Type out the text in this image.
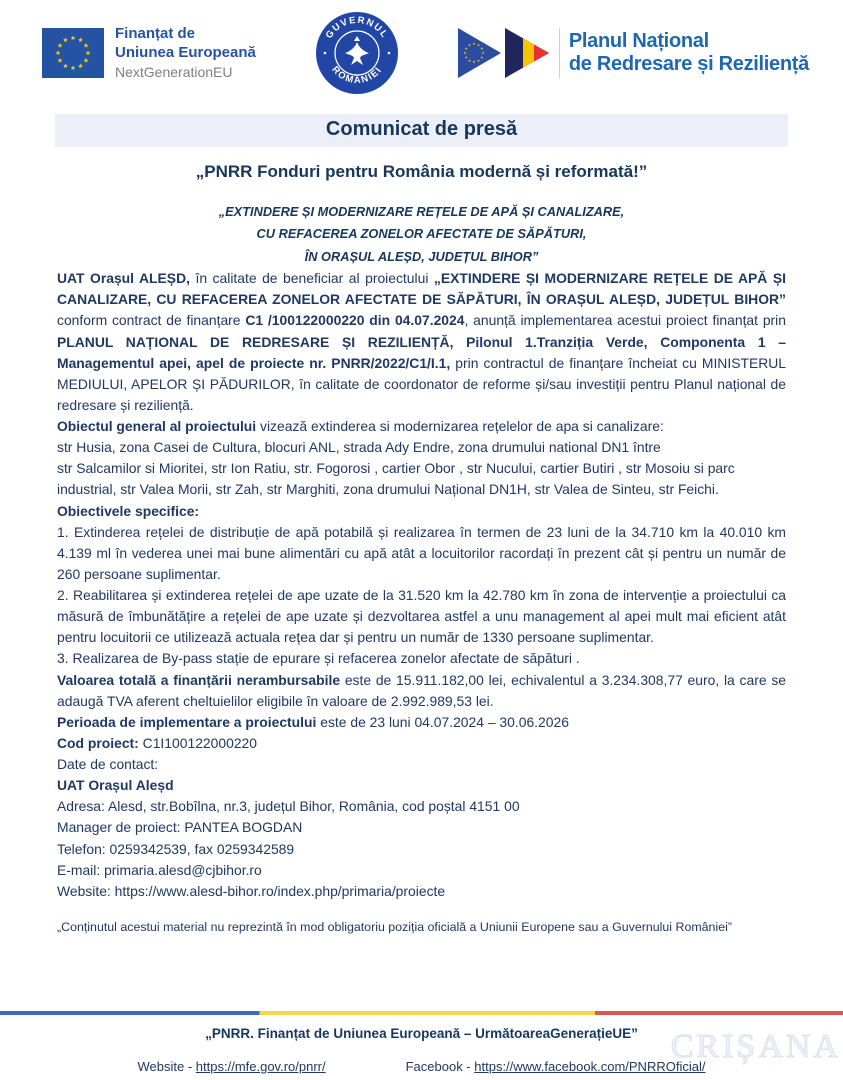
Finanțat de
Uniunea Europeană
NextGenerationEU
GUVERNUL
ROMÂNIEI
Planul Național
de Redresare și Reziliență
Comunicat de presă
„PNRR Fonduri pentru România modernă și reformată!”
„EXTINDERE ȘI MODERNIZARE REȚELE DE APĂ ȘI CANALIZARE,
CU REFACEREA ZONELOR AFECTATE DE SĂPĂTURI,
ÎN ORAȘUL ALEȘD, JUDEȚUL BIHOR”

UAT Orașul ALEȘD, în calitate de beneficiar al proiectului „EXTINDERE ȘI MODERNIZARE REȚELE DE APĂ ȘI CANALIZARE, CU REFACEREA ZONELOR AFECTATE DE SĂPĂTURI, ÎN ORAȘUL ALEȘD, JUDEȚUL BIHOR” conform contract de finanțare C1 /100122000220 din 04.07.2024, anunță implementarea acestui proiect finanțat prin PLANUL NAȚIONAL DE REDRESARE ȘI REZILIENȚĂ, Pilonul 1.Tranziția Verde, Componenta 1 – Managementul apei, apel de proiecte nr. PNRR/2022/C1/I.1, prin contractul de finanțare încheiat cu MINISTERUL MEDIULUI, APELOR ȘI PĂDURILOR, în calitate de coordonator de reforme și/sau investiții pentru Planul național de redresare și reziliență.

Obiectul general al proiectului vizează extinderea si modernizarea rețelelor de apa si canalizare:

str Husia, zona Casei de Cultura, blocuri ANL, strada Ady Endre, zona drumului national DN1 între

str Salcamilor si Mioritei, str Ion Ratiu, str. Fogorosi , cartier Obor , str Nucului, cartier Butiri , str Mosoiu si parc

industrial, str Valea Morii, str Zah, str Marghiti, zona drumului Național DN1H, str Valea de Sinteu, str Feichi.

Obiectivele specifice:

1. Extinderea rețelei de distribuție de apă potabilă și realizarea în termen de 23 luni de la 34.710 km la 40.010 km 4.139 ml în vederea unei mai bune alimentări cu apă atât a locuitorilor racordați în prezent cât și pentru un număr de 260 persoane suplimentar.

2. Reabilitarea și extinderea rețelei de ape uzate de la 31.520 km la 42.780 km în zona de intervenție a proiectului ca măsură de îmbunătățire a rețelei de ape uzate și dezvoltarea astfel a unu management al apei mult mai eficient atât pentru locuitorii ce utilizează actuala rețea dar și pentru un număr de 1330 persoane suplimentar.

3. Realizarea de By-pass stație de epurare și refacerea zonelor afectate de săpături .

Valoarea totală a finanțării nerambursabile este de 15.911.182,00 lei, echivalentul a 3.234.308,77 euro, la care se adaugă TVA aferent cheltuielilor eligibile în valoare de 2.992.989,53 lei.

Perioada de implementare a proiectului este de 23 luni 04.07.2024 – 30.06.2026

Cod proiect: C1I100122000220

Date de contact:

UAT Orașul Aleșd

Adresa: Alesd, str.Bobîlna, nr.3, județul Bihor, România, cod poștal 4151 00

Manager de proiect: PANTEA BOGDAN

Telefon: 0259342539, fax 0259342589

E-mail: primaria.alesd@cjbihor.ro

Website: https://www.alesd-bihor.ro/index.php/primaria/proiecte

„Conținutul acestui material nu reprezintă în mod obligatoriu poziția oficială a Uniunii Europene sau a Guvernului României”
„PNRR. Finanțat de Uniunea Europeană – UrmătoareaGenerațieUE”
Website - https://mfe.gov.ro/pnrr/	Facebook - https://www.facebook.com/PNRROficial/
CRIȘANA
